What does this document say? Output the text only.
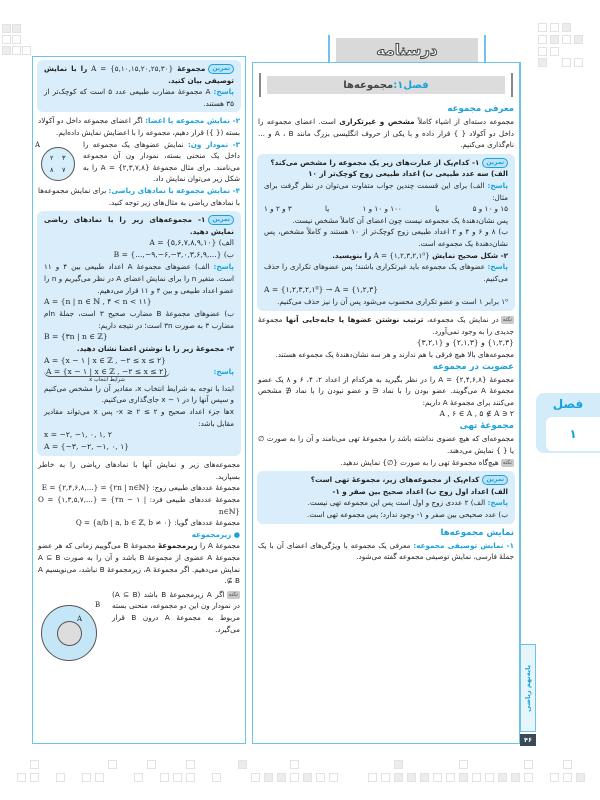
درسنامه
فصل۱:
مجموعه‌ها
معرفی مجموعه
مجموعه دسته‌ای از اشیاء کاملاً مشخص و غیرتکراری است. اعضای مجموعه را داخل دو آکولاد { } قرار داده و با یکی از حروف انگلیسی بزرگ مانند A ، B و ... نام‌گذاری می‌کنیم.
تمرین۱- کدام‌یک از عبارت‌های زیر یک مجموعه را مشخص می‌کند؟
الف) سه عدد طبیعی ب) اعداد طبیعی زوج کوچک‌تر از ۱۰
پاسخ: الف) برای این قسمت چندین جواب متفاوت می‌توان در نظر گرفت برای مثال:
۱۵ و ۱۰ و ۵
یا
۱۰۰ و ۱۰ و ۱
یا
۳ و ۲ و ۱
پس نشان‌دهندهٔ یک مجموعه نیست چون اعضای آن کاملاً مشخص نیست.
ب) ۸ و ۶ و ۴ و ۲ اعداد طبیعی زوج کوچک‌تر از ۱۰ هستند و کاملاً مشخص، پس نشان‌دهندهٔ یک مجموعه است.
۲- شکل صحیح نمایش A = {۱,۲,۳,۲,۱⁰} را بنویسید.
پاسخ: عضوهای یک مجموعه باید غیرتکراری باشند؛ پس عضوهای تکراری را حذف می‌کنیم.
A = {۱,۲,۳,۲,۱⁰} → A = {۱,۲,۳}
۱⁰ برابر ۱ است و عضو تکراری محسوب می‌شود پس آن را نیز حذف می‌کنیم.
نکتهدر نمایش یک مجموعه، ترتیب نوشتن عضوها یا جابه‌جایی آنها مجموعهٔ جدیدی را به وجود نمی‌آورد.
{۱,۲,۳} و {۲,۱,۳} و {۳,۲,۱}
مجموعه‌های بالا هیچ فرقی با هم ندارند و هر سه نشان‌دهندهٔ یک مجموعه هستند.
عضویت در مجموعه
مجموعهٔ A = {۲,۴,۶,۸} را در نظر بگیرید به هرکدام از اعداد ۲، ۴، ۶ و ۸ یک عضو مجموعهٔ A می‌گویند. عضو بودن را با نماد ∈ و عضو نبودن را با نماد ∉ مشخص می‌کنند برای مجموعهٔ A داریم:
۲ ∈ A , ۶ ∈ A , ۵ ∉ A
مجموعهٔ تهی
مجموعه‌ای که هیچ عضوی نداشته باشد را مجموعهٔ تهی می‌نامند و آن را به صورت ∅ یا { } نمایش می‌دهند.
نکتههیچ‌گاه مجموعهٔ تهی را به صورت {∅} نمایش ندهید.
تمرینکدام‌یک از مجموعه‌های زیر، مجموعهٔ تهی است؟
الف) اعداد اول زوج ب) اعداد صحیح بین صفر و ۱-
پاسخ: الف) ۲ عددی زوج و اول است پس این مجموعه تهی نیست.
ب) عدد صحیحی بین صفر و ۱- وجود ندارد؛ پس مجموعه تهی است.
نمایش مجموعه‌ها
۱- نمایش توصیفی مجموعه: معرفی یک مجموعه با ویژگی‌های اعضای آن با یک جملهٔ فارسی، نمایش توصیفی مجموعه گفته می‌شود.
فصل
۱
پایه‌نهم ریاضی
۴۶
تمرینمجموعهٔ A = {۵,۱۰,۱۵,۲۰,۲۵,۳۰} را با نمایش توصیفی بیان کنید.
پاسخ: A مجموعهٔ مضارب طبیعی عدد ۵ است که کوچک‌تر از ۳۵ هستند.
۲- نمایش مجموعه با اعضا: اگر اعضای مجموعه داخل دو آکولاد بسته ({ }) قرار دهیم، مجموعه را با اعضایش نمایش داده‌ایم.
A
۲ ۳
۸ ۷
۳- نمودار ون: نمایش عضوهای یک مجموعه را داخل یک منحنی بسته، نمودار ون آن مجموعه می‌نامند. برای مثال مجموعهٔ A = {۲,۳,۷,۸} را به شکل زیر می‌توان نمایش داد.
۴- نمایش مجموعه با نمادهای ریاضی: برای نمایش مجموعه‌ها با نمادهای ریاضی به مثال‌های زیر توجه کنید.
تمرین۱- مجموعه‌های زیر را با نمادهای ریاضی نمایش دهید.
الف) A = {۵,۶,۷,۸,۹,۱۰}
ب) B = {...,−۹,−۶,−۳,۰,۳,۶,۹,...}
پاسخ: الف) عضوهای مجموعهٔ A اعداد طبیعی بین ۴ و ۱۱ است. متغیر n را برای نمایش اعضای A در نظر می‌گیریم و n را عضو اعداد طبیعی و بین ۴ و ۱۱ قرار می‌دهیم.
A = {n | n ∈ ℕ , ۴ < n < ۱۱}
ب) عضوهای مجموعهٔ B مضارب صحیح ۳ است، جملهٔ nام مضارب ۳ به صورت ۳n است؛ در نتیجه داریم:
B = {۳n | n ∈ ℤ}
۲- مجموعهٔ زیر را با نوشتن اعضا نشان دهید.
A = {x − ۱ | x ∈ ℤ , −۲ ≤ x ≤ ۲}
پاسخ:
A = {x − ۱ | x ∈ ℤ , −۲ ≤ x ≤ ۲}
شرایط انتخاب x
ابتدا با توجه به شرایط انتخاب x، مقادیر آن را مشخص می‌کنیم و سپس آنها را در x − ۱ جای‌گذاری می‌کنیم.
xها جزء اعداد صحیح و ۲ ≥ x ≥ ۲- پس x می‌تواند مقادیر مقابل باشد:
x = −۲, −۱, ۰, ۱, ۲
A = {−۳, −۲, −۱, ۰, ۱}
مجموعه‌های زیر و نمایش آنها با نمادهای ریاضی را به خاطر بسپارید.
مجموعهٔ عددهای طبیعی زوج: E = {۲,۴,۶,۸,...} = {۲n | n∈ℕ}
مجموعهٔ عددهای طبیعی فرد: O = {۱,۳,۵,۷,...} = {۲n − ۱ | n∈ℕ}
مجموعهٔ عددهای گویا: Q = {a/b | a, b ∈ ℤ, b ≠ ۰}
● زیرمجموعه
مجموعهٔ A را زیرمجموعهٔ مجموعهٔ B می‌گوییم زمانی که هر عضو مجموعهٔ A عضوی از مجموعهٔ B باشد و آن را به صورت A ⊆ B نمایش می‌دهیم. اگر مجموعهٔ A، زیرمجموعهٔ B نباشد، می‌نویسیم A ⊈ B.
B
A
نکتهاگر A زیرمجموعهٔ B باشد (A ⊆ B) در نمودار ون این دو مجموعه، منحنی بسته مربوط به مجموعهٔ A درون B قرار می‌گیرد.
